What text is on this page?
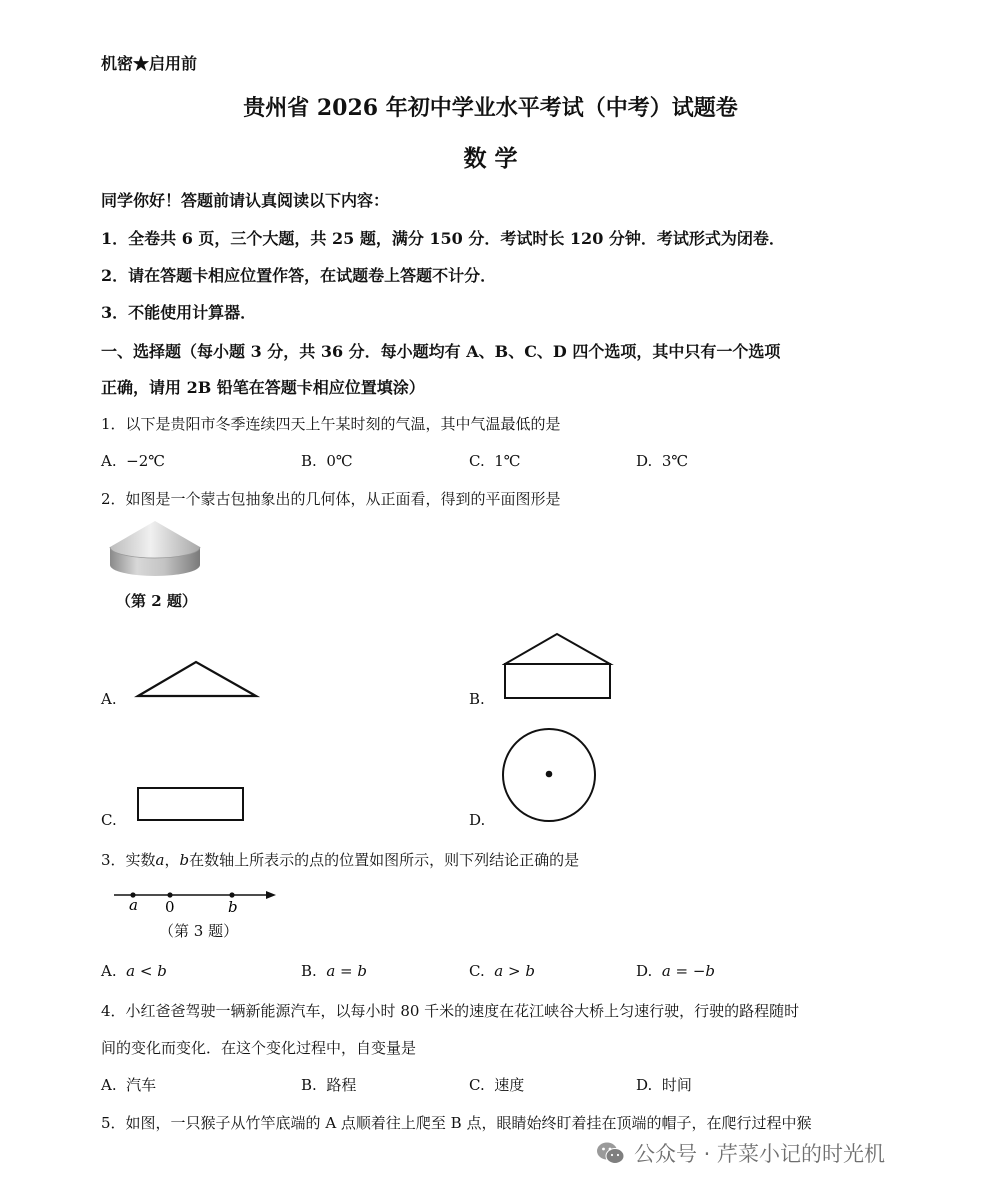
机密★启用前
贵州省 2026 年初中学业水平考试（中考）试题卷
数 学
同学你好！答题前请认真阅读以下内容：
1．全卷共 6 页，三个大题，共 25 题，满分 150 分．考试时长 120 分钟．考试形式为闭卷．
2．请在答题卡相应位置作答，在试题卷上答题不计分．
3．不能使用计算器．
一、选择题（每小题 3 分，共 36 分．每小题均有 A、B、C、D 四个选项，其中只有一个选项
正确，请用 2B 铅笔在答题卡相应位置填涂）
1．以下是贵阳市冬季连续四天上午某时刻的气温，其中气温最低的是
A. −2℃	B. 0℃	C. 1℃	D. 3℃
2．如图是一个蒙古包抽象出的几何体，从正面看，得到的平面图形是
（第 2 题）
A.	B.
C.	D.
3．实数a，b在数轴上所表示的点的位置如图所示，则下列结论正确的是
a 0	b
（第 3 题）
A. a < b	B. a = b	C. a > b	D. a = −b
4．小红爸爸驾驶一辆新能源汽车，以每小时 80 千米的速度在花江峡谷大桥上匀速行驶，行驶的路程随时
间的变化而变化．在这个变化过程中，自变量是
A. 汽车	B. 路程	C. 速度	D. 时间
5．如图，一只猴子从竹竿底端的 A 点顺着往上爬至 B 点，眼睛始终盯着挂在顶端的帽子，在爬行过程中猴
公众号 · 芹菜小记的时光机
